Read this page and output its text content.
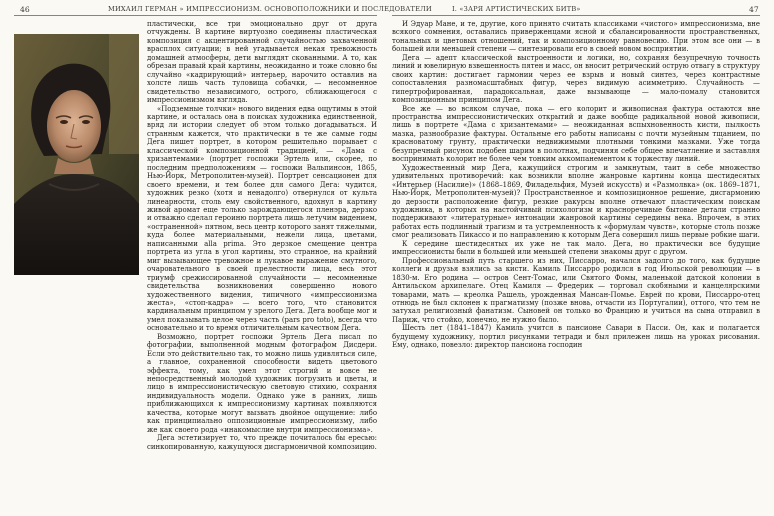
46	МИХАИЛ ГЕРМАН » ИМПРЕССИОНИЗМ. ОСНОВОПОЛОЖНИКИ И ПОСЛЕДОВАТЕЛИ	47
I. «ЗАРЯ АРТИСТИЧЕСКИХ БИТВ»

пластически, все три эмоционально друг от друга отчуждены. В картине виртуозно соединены пластическая композиция с акцентированной случайностью захваченной врасплох ситуации; в ней угадывается некая тревожность домашней атмосферы, дети выглядят скованными. А то, как обрезан правый край картины, неожиданно и тоже словно бы случайно «кадрирующий» интерьер, нарочито оставлив на холсте лишь часть туловища собачки, — несомненное свидетельство независимого, острого, сближающегося с импрессионизмом взгляда.

«Подземные толчки» нового видения едва ощутимы в этой картине, и осталась она в поисках художника единственной, вряд ли истории следует об этом только догадываться. И странным кажется, что практически в те же самые годы Дега пишет портрет, в котором решительно порывает с классической композиционной традицией, — «Дама с хризантемами» (портрет госпожи Эртель или, скорее, по последним предположениям — госпожи Вальпинсон, 1865, Нью-Йорк, Метрополитен-музей). Портрет сенсационен для своего времени, и тем более для самого Дега: чудится, художник резко (хотя и ненадолго) отвернулся от культа линеарности, столь ему свойственного, вдохнул в картину живой аромат еще только зарождающегося пленэра, дерзко и отважно сделал героиню портрета лишь летучим видением, «остраненной» пятном, весь центр которого занят тяжелыми, куда более материальными, нежели лица, цветами, написанными alla prima. Это дерзкое смещение центра портрета из угла в угол картины, это странное, на крайний миг вызывающее тревожное и лукавое выражение смутного, очаровательного в своей прелестности лица, весь этот триумф срежиссированной случайности — несомненные свидетельства возникновения совершенно нового художественного видения, типичного «импрессионизма жеста», «стоп-кадра» — всего того, что становится кардинальным принципом у зрелого Дега. Дега вообще мог и умел показывать целое через часть (pars pro toto), всегда что основательно и то время отличительным качеством Дега.

Возможно, портрет госпожи Эртель Дега писал по фотографии, выполненной модным фотографом Дисдери. Если это действительно так, то можно лишь удивляться силе, а главное, сохраненной способности видеть цветового эффекта, тому, как умел этот строгий и вовсе не непосредственный молодой художник погрузить и цветы, и лицо в импрессионистическую световую стихию, сохраняя индивидуальность модели. Однако уже в ранних, лишь приближающихся к импрессионизму картинах появляются качества, которые могут вызвать двойное ощущение: либо как принципиально оппозиционные импрессионизму, либо же как своего рода «инакомыслие внутри импрессионизма».

Дега эстетизирует то, что прежде почиталось бы ересью: синкопированную, кажущуюся дисгармоничной композицию.

И Эдуар Мане, и те, другие, кого принято считать классиками «чистого» импрессионизма, вне всякого сомнения, оставались приверженцами ясной и сбалансированности пространственных, тональных и цветовых отношений, так и композиционному равновесию. При этом все они — в большей или меньшей степени — синтезировали его в своей новом восприятии.

Дега — адепт классической выстроенности и логики, но, сохраняя безупречную точность линий и ювелирную взвешенность пятен и масс, он вносит ретрический острую отвагу в структуру своих картин: достигает гармонии через ее взрыв и новый синтез, через контрастные сопоставления разномасштабных фигур, через видимую асимметрию. Случайность — гипертрофированная, парадоксальная, даже вызывающе — мало-помалу становится композиционным принципом Дега.

Все же — во всяком случае, пока — его колорит и живописная фактура остаются вне пространства импрессионистических открытий и даже вообще радикальной новой живописи, лишь в портрете «Дама с хризантемами» — неожиданная вспыхновенность кисти, пылкость мазка, разнообразие фактуры. Остальные его работы написаны с почти музейным тщанием, по красноватому грунту, практически недвижимыми плотными тонкими мазками. Уже тогда безупречный рисунок подобен шарим в полотнах, подчиняя себе общее впечатление и заставляя воспринимать колорит не более чем тонким аккомпанементом к торжеству линий.

Художественный мир Дега, кажущийся строгим и замкнутым, таит в себе множество удивительных противоречий: как возникли вполне жанровые картины конца шестидесятых «Интерьер (Насилие)» (1868–1869, Филадельфия, Музей искусств) и «Размолвка» (ок. 1869–1871, Нью-Йорк, Метрополитен-музей)? Пространственное и композиционное решение, дисгармонию до дерзости расположение фигур, резкие ракурсы вполне отвечают пластическим поискам художника, в которых на настойчивый психологизм и красноречивые бытовые детали странно поддерживают «литературные» интонации жанровой картины середины века. Впрочем, в этих работах есть подлинный трагизм и та устремленность к «формулам чувств», которые столь позже смог реализовать Пикассо и по направлению к которым Дега совершил лишь первые робкие шаги.

К середине шестидесятых их уже не так мало. Дега, но практически все будущие импрессионисты были в большей или меньшей степени знакомы друг с другом.

Профессиональный путь старшего из них, Писсарро, начался задолго до того, как будущие коллеги и друзья взялись за кисти. Камиль Писсарро родился в год Июльской революции — в 1830-м. Его родина — остров Сент-Томас, или Святого Фомы, маленькой датской колонии в Антильском архипелаге. Отец Камиля — Фредерик — торговал скобяными и канцелярскими товарами, мать — креолка Рашель, урожденная Мансан-Помье. Еврей по крови, Писсарро-отец отнюдь не был склонен к прагматизму (позже вновь, отчасти из Португалии), оттого, что тем не затухал религиозный фанатизм. Сыновей он только во Францию и учиться на сына отправил в Париж, что стойко, конечно, не нужно было.

Шесть лет (1841–1847) Камиль учится в пансионе Савари в Пасси. Он, как и полагается будущему художнику, портил рисунками тетради и был прилежен лишь на уроках рисования. Ему, однако, повезло: директор пансиона господин
